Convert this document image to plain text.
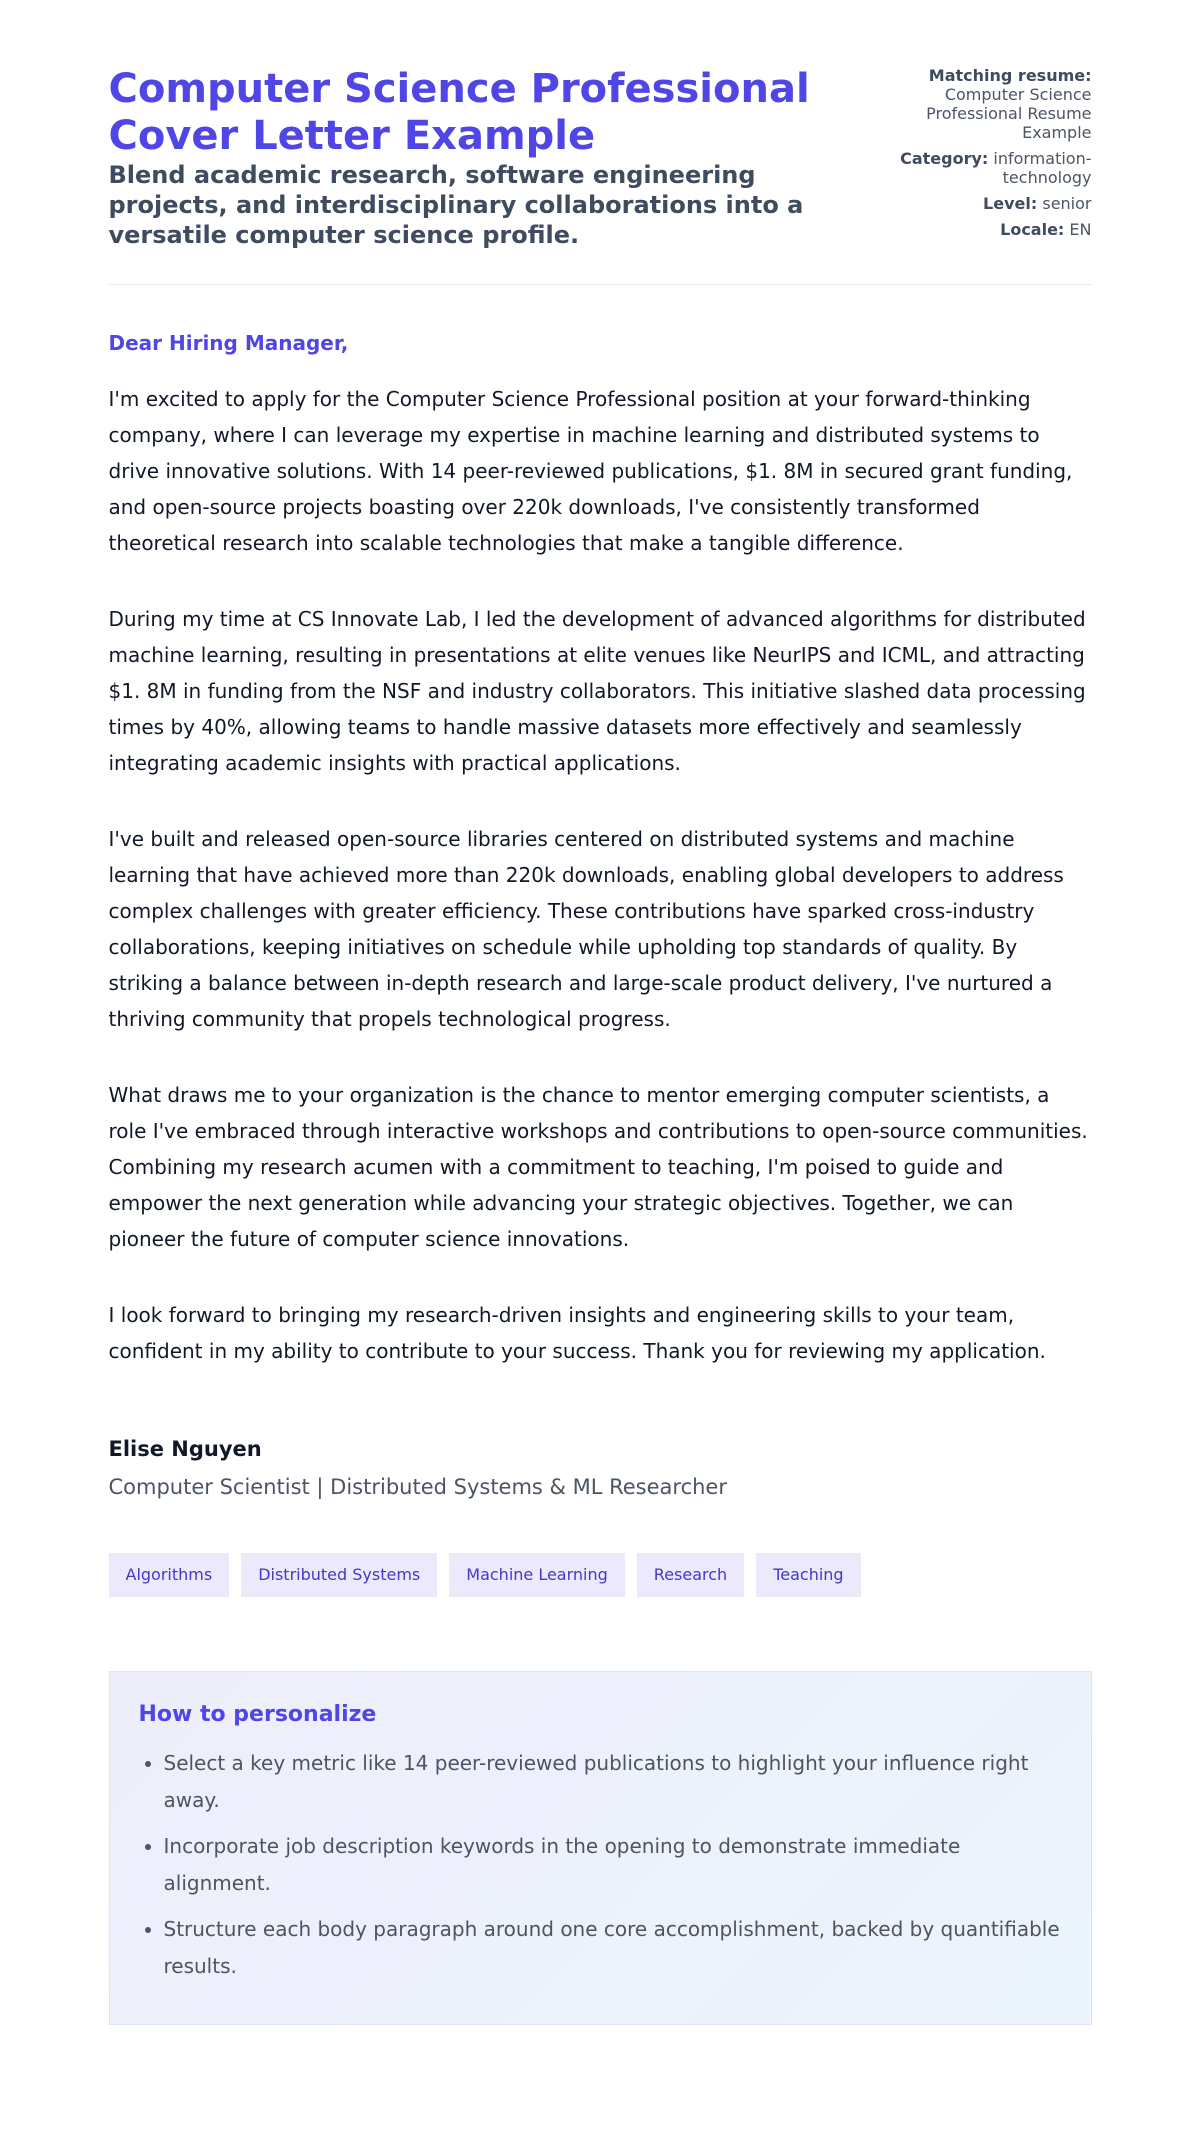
Computer Science Professional Cover Letter Example
Blend academic research, software engineering projects, and interdisciplinary collaborations into a versatile computer science profile.
Matching resume:
Computer Science Professional Resume Example
Category: information-technology
Level: senior
Locale: EN
Dear Hiring Manager,

I'm excited to apply for the Computer Science Professional position at your forward-thinking company, where I can leverage my expertise in machine learning and distributed systems to drive innovative solutions. With 14 peer-reviewed publications, $1. 8M in secured grant funding, and open-source projects boasting over 220k downloads, I've consistently transformed theoretical research into scalable technologies that make a tangible difference.

During my time at CS Innovate Lab, I led the development of advanced algorithms for distributed machine learning, resulting in presentations at elite venues like NeurIPS and ICML, and attracting $1. 8M in funding from the NSF and industry collaborators. This initiative slashed data processing times by 40%, allowing teams to handle massive datasets more effectively and seamlessly integrating academic insights with practical applications.

I've built and released open-source libraries centered on distributed systems and machine learning that have achieved more than 220k downloads, enabling global developers to address complex challenges with greater efficiency. These contributions have sparked cross-industry collaborations, keeping initiatives on schedule while upholding top standards of quality. By striking a balance between in-depth research and large-scale product delivery, I've nurtured a thriving community that propels technological progress.

What draws me to your organization is the chance to mentor emerging computer scientists, a role I've embraced through interactive workshops and contributions to open-source communities. Combining my research acumen with a commitment to teaching, I'm poised to guide and empower the next generation while advancing your strategic objectives. Together, we can pioneer the future of computer science innovations.

I look forward to bringing my research-driven insights and engineering skills to your team, confident in my ability to contribute to your success. Thank you for reviewing my application.

Elise Nguyen
Computer Scientist | Distributed Systems & ML Researcher
Algorithms	Distributed Systems	Machine Learning	Research	Teaching
How to personalize
• Select a key metric like 14 peer-reviewed publications to highlight your influence right away.
• Incorporate job description keywords in the opening to demonstrate immediate alignment.
• Structure each body paragraph around one core accomplishment, backed by quantifiable results.
